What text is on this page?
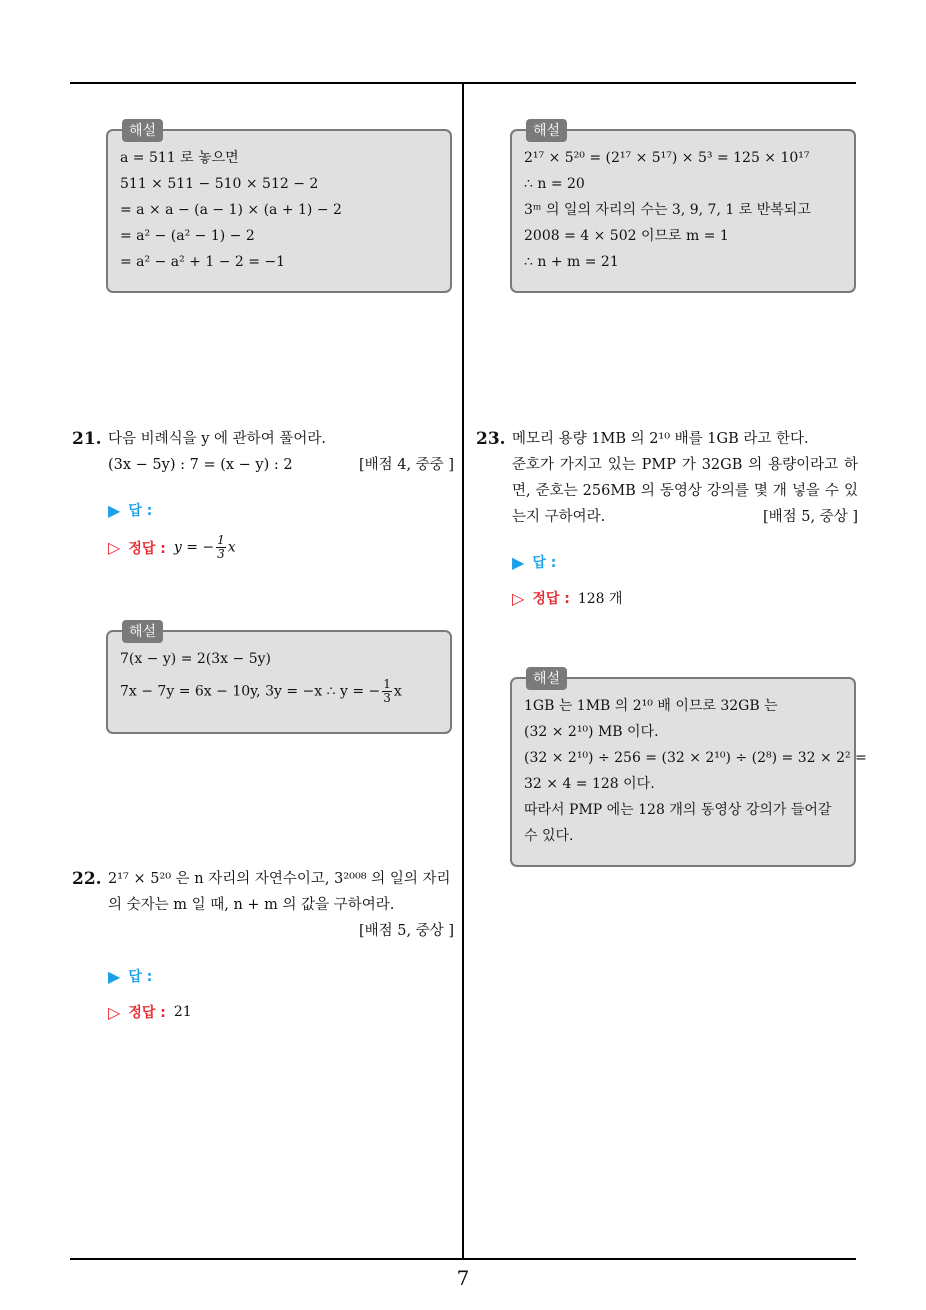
해설
a = 511 로 놓으면
511 × 511 − 510 × 512 − 2
= a × a − (a − 1) × (a + 1) − 2
= a² − (a² − 1) − 2
= a² − a² + 1 − 2 = −1
21. 다음 비례식을 y 에 관하여 풀어라.
(3x − 5y) : 7 = (x − y) : 2	[배점 4, 중중 ]
▶ 답 :
▷ 정답 : y = − $\frac{1}{3}$ x
해설
7(x − y) = 2(3x − 5y)
7x − 7y = 6x − 10y, 3y = −x ∴ y = − $\frac{1}{3}$ x
22. 2¹⁷ × 5²⁰ 은 n 자리의 자연수이고, 3²⁰⁰⁸ 의 일의 자리
의 숫자는 m 일 때, n + m 의 값을 구하여라.
[배점 5, 중상 ]
▶ 답 :
▷ 정답 : 21
해설
2¹⁷ × 5²⁰ = (2¹⁷ × 5¹⁷) × 5³ = 125 × 10¹⁷
∴ n = 20
3ᵐ 의 일의 자리의 수는 3, 9, 7, 1 로 반복되고
2008 = 4 × 502 이므로 m = 1
∴ n + m = 21
23. 메모리 용량 1MB 의 2¹⁰ 배를 1GB 라고 한다.
준호가 가지고 있는 PMP 가 32GB 의 용량이라고 하면, 준호는 256MB 의 동영상 강의를 몇 개 넣을 수 있는지 구하여라.	[배점 5, 중상 ]
▶ 답 :
▷ 정답 : 128 개
해설
1GB 는 1MB 의 2¹⁰ 배 이므로 32GB 는
(32 × 2¹⁰) MB 이다.
(32 × 2¹⁰) ÷ 256 = (32 × 2¹⁰) ÷ (2⁸) = 32 × 2² =
32 × 4 = 128 이다.
따라서 PMP 에는 128 개의 동영상 강의가 들어갈
수 있다.
7
